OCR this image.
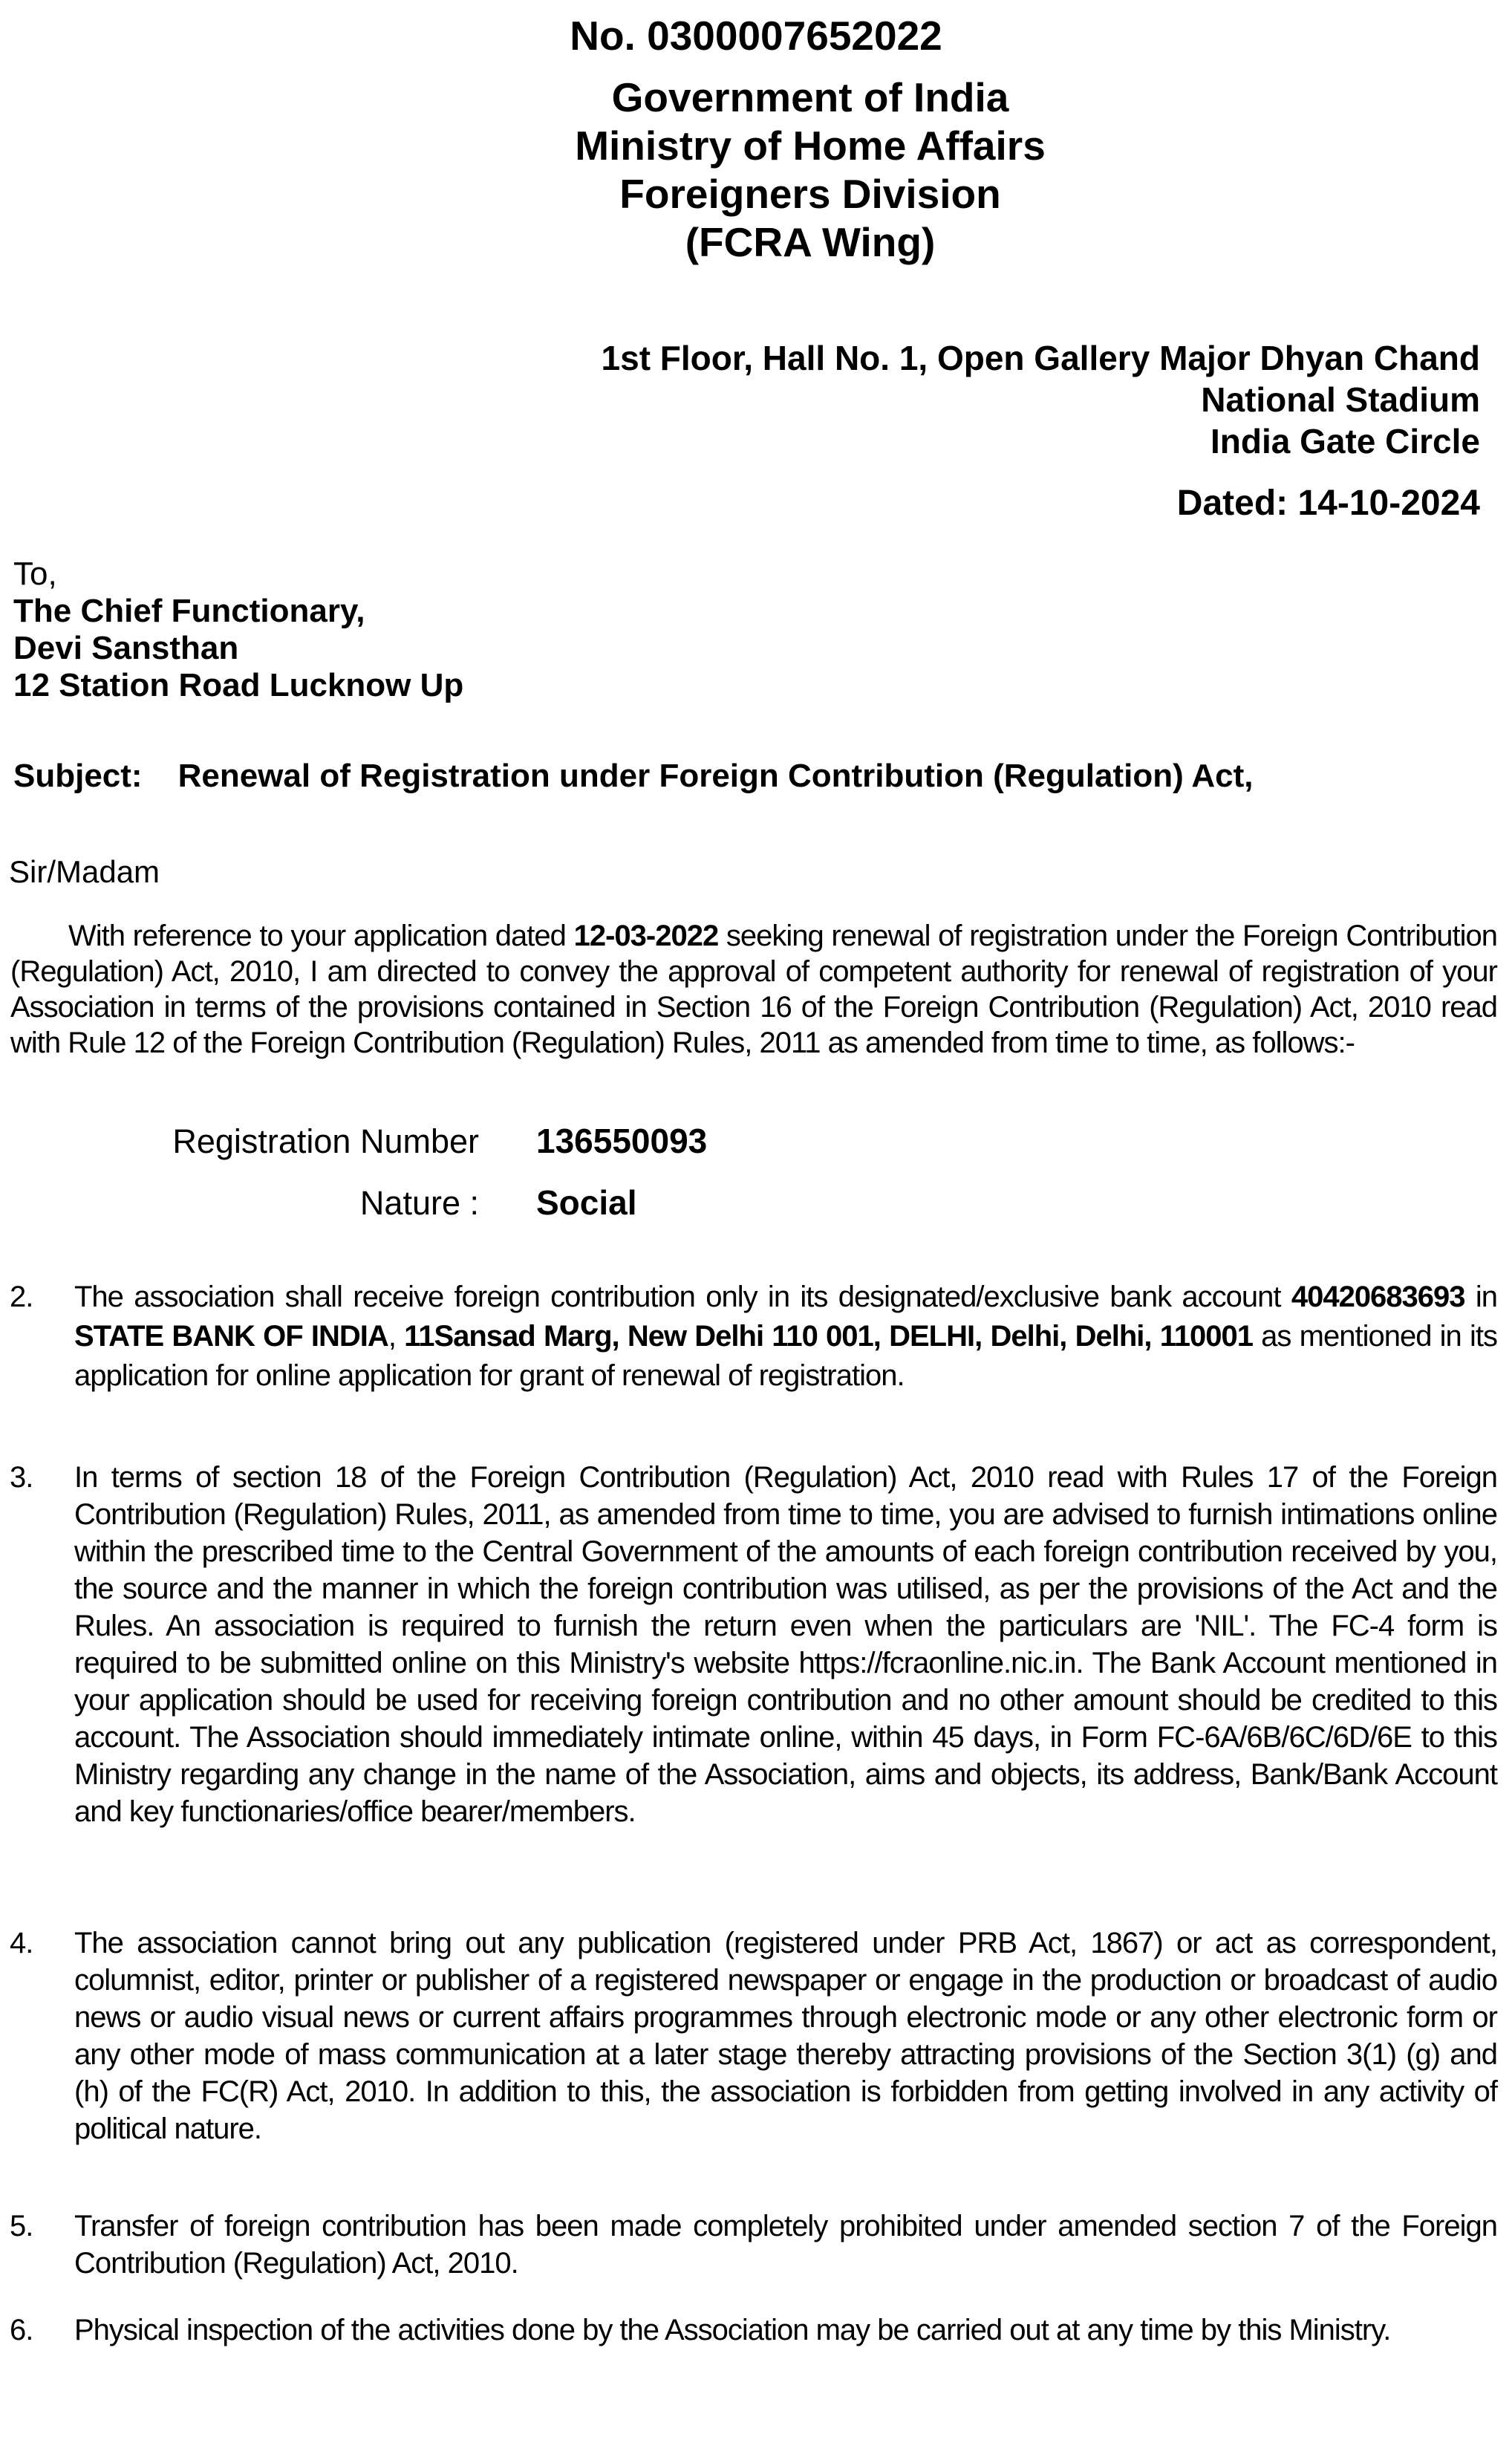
No. 0300007652022
Government of India
Ministry of Home Affairs
Foreigners Division
(FCRA Wing)
1st Floor, Hall No. 1, Open Gallery Major Dhyan Chand
National Stadium
India Gate Circle
Dated: 14-10-2024
To,
The Chief Functionary,
Devi Sansthan
12 Station Road Lucknow Up
Subject: Renewal of Registration under Foreign Contribution (Regulation) Act,
Sir/Madam

With reference to your application dated 12-03-2022 seeking renewal of registration under the Foreign Contribution (Regulation) Act, 2010, I am directed to convey the approval of competent authority for renewal of registration of your Association in terms of the provisions contained in Section 16 of the Foreign Contribution (Regulation) Act, 2010 read with Rule 12 of the Foreign Contribution (Regulation) Rules, 2011 as amended from time to time, as follows:-

Registration Number 136550093
Nature : Social
2.	The association shall receive foreign contribution only in its designated/exclusive bank account 40420683693 in STATE BANK OF INDIA, 11Sansad Marg, New Delhi 110 001, DELHI, Delhi, Delhi, 110001 as mentioned in its application for online application for grant of renewal of registration.
3.	In terms of section 18 of the Foreign Contribution (Regulation) Act, 2010 read with Rules 17 of the Foreign Contribution (Regulation) Rules, 2011, as amended from time to time, you are advised to furnish intimations online within the prescribed time to the Central Government of the amounts of each foreign contribution received by you, the source and the manner in which the foreign contribution was utilised, as per the provisions of the Act and the Rules. An association is required to furnish the return even when the particulars are 'NIL'. The FC-4 form is required to be submitted online on this Ministry's website https://fcraonline.nic.in. The Bank Account mentioned in your application should be used for receiving foreign contribution and no other amount should be credited to this account. The Association should immediately intimate online, within 45 days, in Form FC-6A/6B/6C/6D/6E to this Ministry regarding any change in the name of the Association, aims and objects, its address, Bank/Bank Account and key functionaries/office bearer/members.
4.	The association cannot bring out any publication (registered under PRB Act, 1867) or act as correspondent, columnist, editor, printer or publisher of a registered newspaper or engage in the production or broadcast of audio news or audio visual news or current affairs programmes through electronic mode or any other electronic form or any other mode of mass communication at a later stage thereby attracting provisions of the Section 3(1) (g) and (h) of the FC(R) Act, 2010. In addition to this, the association is forbidden from getting involved in any activity of political nature.
5.	Transfer of foreign contribution has been made completely prohibited under amended section 7 of the Foreign Contribution (Regulation) Act, 2010.
6.	Physical inspection of the activities done by the Association may be carried out at any time by this Ministry.
